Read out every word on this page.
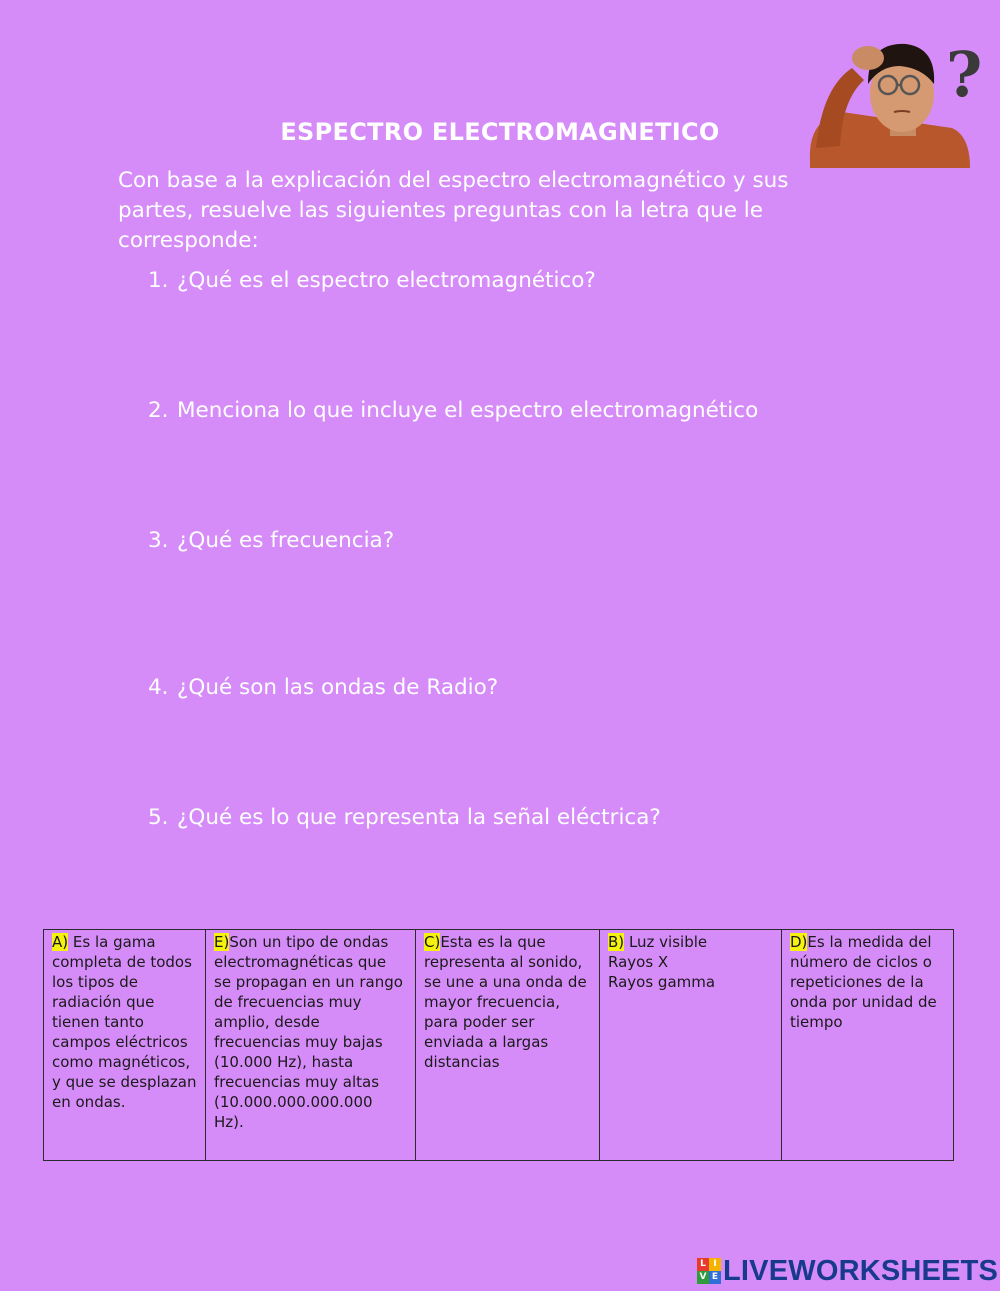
?
ESPECTRO ELECTROMAGNETICO
Con base a la explicación del espectro electromagnético y sus partes, resuelve las siguientes preguntas con la letra que le corresponde:
1. ¿Qué es el espectro electromagnético?
2. Menciona lo que incluye el espectro electromagnético
3. ¿Qué es frecuencia?
4. ¿Qué son las ondas de Radio?
5. ¿Qué es lo que representa la señal eléctrica?
A) Es la gama completa de todos los tipos de radiación que tienen tanto campos eléctricos como magnéticos, y que se desplazan en ondas.	E)Son un tipo de ondas electromagnéticas que se propagan en un rango de frecuencias muy amplio, desde frecuencias muy bajas (10.000 Hz), hasta frecuencias muy altas (10.000.000.000.000 Hz).	C)Esta es la que representa al sonido, se une a una onda de mayor frecuencia, para poder ser enviada a largas distancias	B) Luz visible
Rayos X
Rayos gamma	D)Es la medida del número de ciclos o repeticiones de la onda por unidad de tiempo
L I
V E LIVEWORKSHEETS
